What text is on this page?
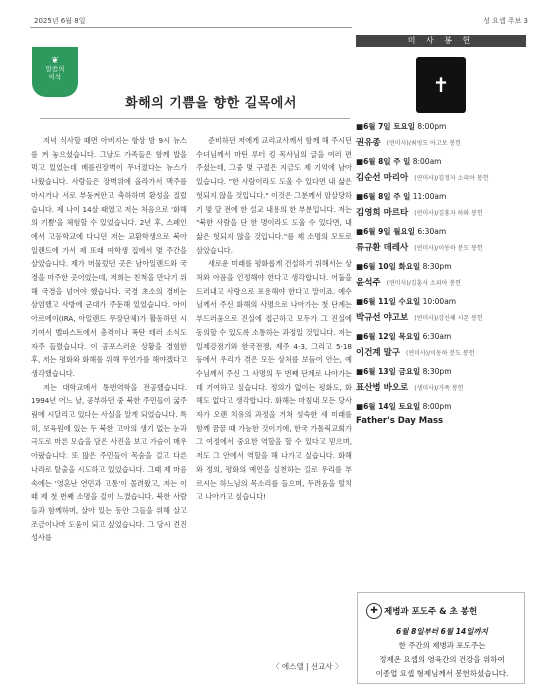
2025년 6월 8일	성 요셉 주보 3
❦
말씀의
이삭
화해의 기쁨을 향한 길목에서

저녁 식사할 때면 아버지는 항상 밤 9시 뉴스를 켜 놓으셨습니다. 그날도 가족들은 함께 밥을 먹고 있었는데 베를린장벽이 무너졌다는 뉴스가 나왔습니다. 사람들은 장벽위에 올라가서 맥주를 마시거나 서로 부둥켜안고 축하하며 환성을 질렀습니다. 제 나이 14살 때였고 저는 처음으로 '화해의 기쁨'을 체험할 수 있었습니다. 2년 후, 스페인에서 고등학교에 다니던 저는 교환학생으로 북아일랜드에 가서 제 또래 여학생 집에서 몇 주간을 살았습니다. 제가 머물렀던 곳은 남아일랜드와 국경을 마주한 곳이었는데, 저희는 친척을 만나기 위해 국경을 넘어야 했습니다. 국경 초소의 경비는 삼엄했고 사방에 군대가 주둔해 있었습니다. 아이아르에이(IRA, 아일랜드 무장단체)가 활동하던 시기여서 벨파스트에서 총격이나 폭탄 테러 소식도 자주 들렸습니다. 이 공포스러운 상황을 경험한 후, 저는 평화와 화해를 위해 무언가를 해야겠다고 생각했습니다.

저는 대학교에서 통번역학을 전공했습니다. 1994년 어느 날, 공부하던 중 북한 주민들이 굶주림에 시달리고 있다는 사실을 알게 되었습니다. 특히, 보육원에 있는 두 북한 고아의 생기 없는 눈과 극도로 마른 모습을 담은 사진을 보고 가슴이 매우 아팠습니다. 또 많은 주민들이 목숨을 걸고 다른 나라로 탈출을 시도하고 있었습니다. 그때 제 마음속에는 '영혼난 연민과 고통'이 몰려왔고, 저는 이때 제 첫 번째 소명을 깊이 느꼈습니다. 북한 사람들과 함께하며, 살아 있는 동안 그들을 위해 살고 조금이나마 도움이 되고 싶었습니다. 그 당시 견진성사를

준비하던 저에게 교리교사께서 함께 해 주시던 수녀님께서 마틴 루터 킹 목사님의 글을 여러 편 주셨는데, 그중 몇 구절은 지금도 제 기억에 남아 있습니다. "한 사람이라도 도울 수 있다면 내 삶은 헛되지 않을 것입니다." 이것은 그분께서 암살당하기 몇 달 전에 한 설교 내용의 한 부분입니다. 저는 "북한 사람을 단 한 명이라도 도울 수 있다면, 내 삶은 헛되지 않을 것입니다."를 제 소명의 모토로 삼았습니다.

새로운 미래를 평화롭게 건설하기 위해서는 상처와 아픔을 인정해야 한다고 생각합니다. 어둡을 드러내고 사랑으로 포용해야 한다고 말이죠. 예수님께서 주신 화해의 사명으로 나아가는 첫 단계는 부드러움으로 진실에 접근하고 모두가 그 진실에 동의할 수 있도록 소통하는 과정일 것입니다. 저는 일제강점기와 한국전쟁, 제주 4·3, 그리고 5·18 등에서 우리가 겪은 모든 상처를 보듬어 안는, 예수님께서 주신 그 사명의 두 번째 단계로 나아가는 데 기여하고 싶습니다. 정의가 없이는 평화도, 화해도 없다고 생각합니다. 화해는 마침내 모든 당사자가 오랜 치유의 과정을 거쳐 성숙한 새 미래를 함께 꿈꿀 때 가능한 것이기에, 한국 가톨릭교회가 그 여정에서 중요한 역할을 할 수 있다고 믿으며, 저도 그 안에서 역할을 해 나가고 싶습니다. 화해와 정의, 평화의 예언을 실천하는 길로 우리를 부르시는 하느님의 목소리를 들으며, 두려움을 떨치고 나아가고 싶습니다!

〈 에스텔 | 선교사 〉
미 사 봉 헌
✝
■6월 7일 토요일 8:00pm
권유종 (연미사)/최영도 아고보 봉헌
■6월 8일 주 일 8:00am
김순선 마리아 (연미사)/김정자 소피아 봉헌
■6월 8일 주 일 11:00am
김영희 마르타 (연미사)/김홍자 하와 봉헌
■6월 9일 월요일 6:30am
류규환 데레사 (연미사)/이동하 분도 봉헌
■6월 10일 화요일 8:30pm
윤석주 (연미사)/김홍사 소피아 봉헌
■6월 11일 수요일 10:00am
박규선 야고보 (연미사)/강신혜 시몬 봉헌
■6월 12일 목요일 6:30am
이건계 말구 (연미사)/이동하 분도 봉헌
■6월 13일 금요일 8:30pm
표산병 바오로 (생미사)/가족 봉헌
■6월 14일 토요일 8:00pm
Father's Day Mass
✚ 제병과 포도주 & 초 봉헌
6월 8일부터 6월 14일까지
한 주간의 제병과 포도주는
정제온 요셉의 영육간의 건강을 위하여
이종업 요셉 형제님께서 봉헌하셨습니다.
